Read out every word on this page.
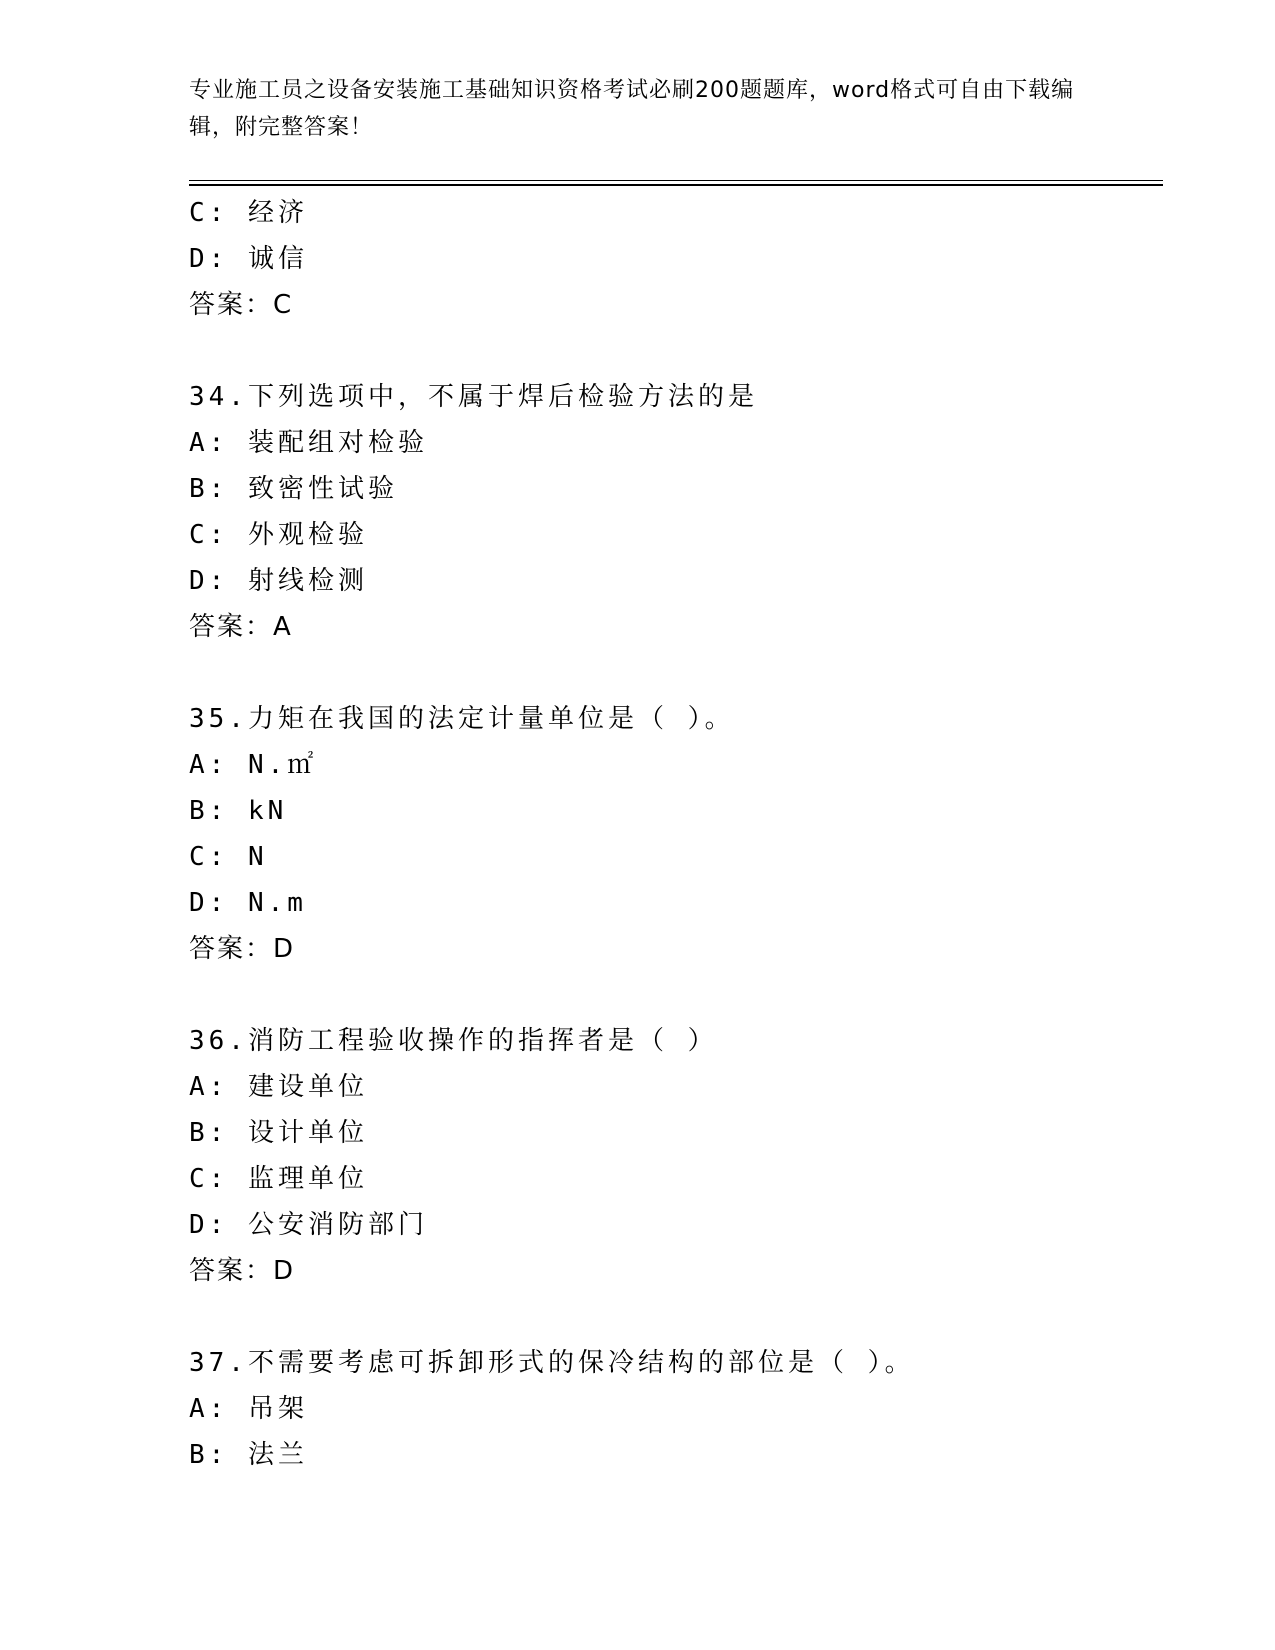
专业施工员之设备安装施工基础知识资格考试必刷200题题库，word格式可自由下载编辑，附完整答案！
C: 经济
D: 诚信
答案：C
34.下列选项中，不属于焊后检验方法的是
A: 装配组对检验
B: 致密性试验
C: 外观检验
D: 射线检测
答案：A
35.力矩在我国的法定计量单位是（ ）。
A: N.㎡
B: kN
C: N
D: N.m
答案：D
36.消防工程验收操作的指挥者是（ ）
A: 建设单位
B: 设计单位
C: 监理单位
D: 公安消防部门
答案：D
37.不需要考虑可拆卸形式的保冷结构的部位是（ ）。
A: 吊架
B: 法兰
